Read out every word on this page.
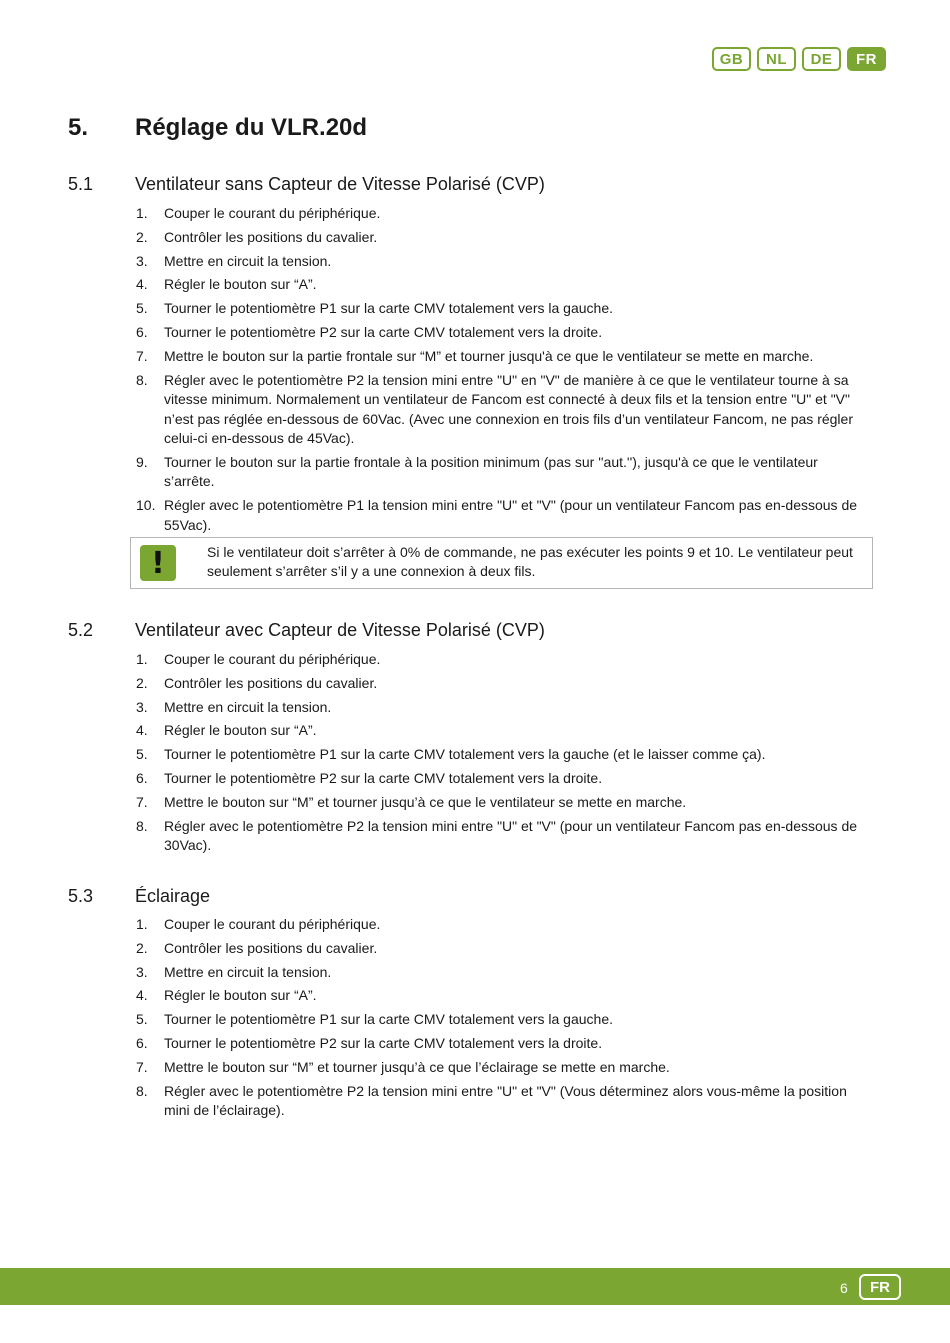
GB	NL	DE	FR
5.	Réglage du VLR.20d
5.1	Ventilateur sans Capteur de Vitesse Polarisé (CVP)
1.	Couper le courant du périphérique.
2.	Contrôler les positions du cavalier.
3.	Mettre en circuit la tension.
4.	Régler le bouton sur “A”.
5.	Tourner le potentiomètre P1 sur la carte CMV totalement vers la gauche.
6.	Tourner le potentiomètre P2 sur la carte CMV totalement vers la droite.
7.	Mettre le bouton sur la partie frontale sur “M” et tourner jusqu'à ce que le ventilateur se mette en marche.
8.	Régler avec le potentiomètre P2 la tension mini entre "U" en "V" de manière à ce que le ventilateur tourne à sa vitesse minimum. Normalement un ventilateur de Fancom est connecté à deux fils et la tension entre "U" et "V" n’est pas réglée en-dessous de 60Vac. (Avec une connexion en trois fils d’un ventilateur Fancom, ne pas régler celui-ci en-dessous de 45Vac).
9.	Tourner le bouton sur la partie frontale à la position minimum (pas sur ''aut.''), jusqu'à ce que le ventilateur s’arrête.
10. Régler avec le potentiomètre P1 la tension mini entre "U" et "V" (pour un ventilateur Fancom pas en-dessous de 55Vac).
!	Si le ventilateur doit s’arrêter à 0% de commande, ne pas exécuter les points 9 et 10. Le ventilateur peut seulement s’arrêter s’il y a une connexion à deux fils.
5.2	Ventilateur avec Capteur de Vitesse Polarisé (CVP)
1.	Couper le courant du périphérique.
2.	Contrôler les positions du cavalier.
3.	Mettre en circuit la tension.
4.	Régler le bouton sur “A”.
5.	Tourner le potentiomètre P1 sur la carte CMV totalement vers la gauche (et le laisser comme ça).
6.	Tourner le potentiomètre P2 sur la carte CMV totalement vers la droite.
7.	Mettre le bouton sur “M” et tourner jusqu’à ce que le ventilateur se mette en marche.
8.	Régler avec le potentiomètre P2 la tension mini entre "U" et "V" (pour un ventilateur Fancom pas en-dessous de 30Vac).
5.3	Éclairage
1.	Couper le courant du périphérique.
2.	Contrôler les positions du cavalier.
3.	Mettre en circuit la tension.
4.	Régler le bouton sur “A”.
5.	Tourner le potentiomètre P1 sur la carte CMV totalement vers la gauche.
6.	Tourner le potentiomètre P2 sur la carte CMV totalement vers la droite.
7.	Mettre le bouton sur “M” et tourner jusqu’à ce que l’éclairage se mette en marche.
8.	Régler avec le potentiomètre P2 la tension mini entre "U" et "V" (Vous déterminez alors vous-même la position mini de l’éclairage).
6	FR
